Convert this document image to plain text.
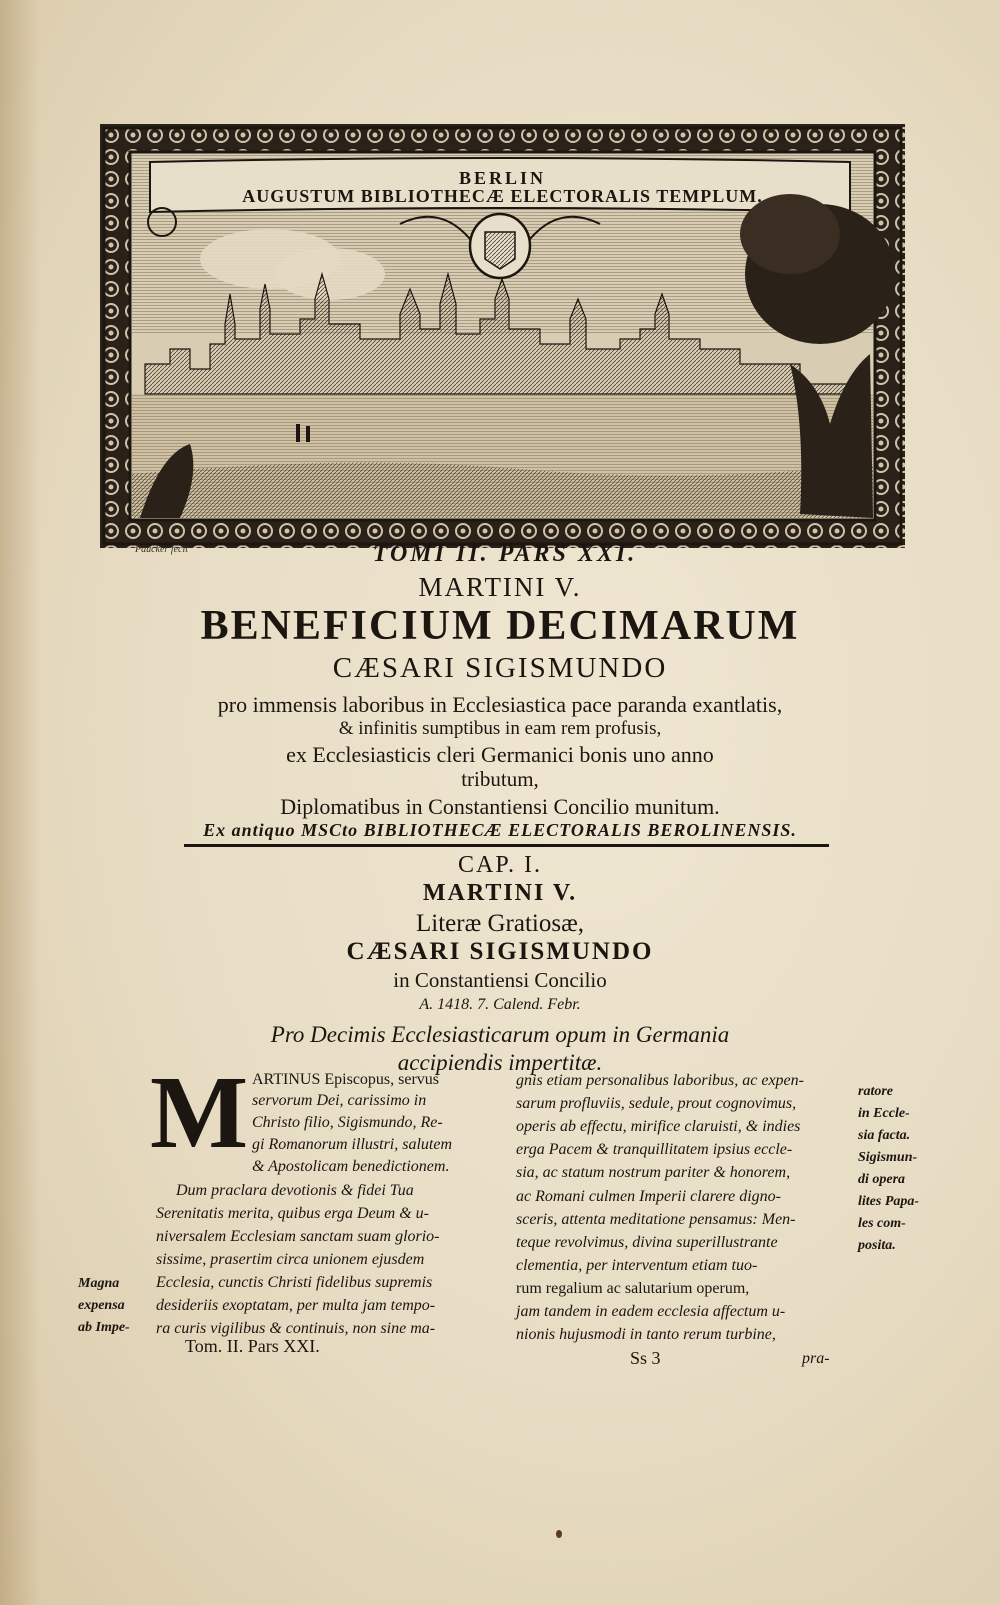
BERLIN
AUGUSTUM BIBLIOTHECÆ ELECTORALIS TEMPLUM.
Paucker fecit	TOMI II. PARS XXI.
MARTINI V.
BENEFICIUM DECIMARUM
CÆSARI SIGISMUNDO
pro immensis laboribus in Ecclesiastica pace paranda exantlatis,
& infinitis sumptibus in eam rem profusis,
ex Ecclesiasticis cleri Germanici bonis uno anno
tributum,
Diplomatibus in Constantiensi Concilio munitum.
Ex antiquo MSCto BIBLIOTHECÆ ELECTORALIS BEROLINENSIS.
CAP. I.
MARTINI V.
Literæ Gratiosæ,
CÆSARI SIGISMUNDO
in Constantiensi Concilio
A. 1418. 7. Calend. Febr.
Pro Decimis Ecclesiasticarum opum in Germania
accipiendis impertitæ.
M ARTINUS Episcopus, servus
servorum Dei, carissimo in
Christo filio, Sigismundo, Re-
gi Romanorum illustri, salutem
& Apostolicam benedictionem.
Dum praclara devotionis & fidei Tua
Serenitatis merita, quibus erga Deum & u-
niversalem Ecclesiam sanctam suam glorio-
sissime, prasertim circa unionem ejusdem
Ecclesia, cunctis Christi fidelibus supremis
desideriis exoptatam, per multa jam tempo-
ra curis vigilibus & continuis, non sine ma-
Magna
expensa
ab Impe-
gnis etiam personalibus laboribus, ac expen-
sarum profluviis, sedule, prout cognovimus,
operis ab effectu, mirifice claruisti, & indies
erga Pacem & tranquillitatem ipsius eccle-
sia, ac statum nostrum pariter & honorem,
ac Romani culmen Imperii clarere digno-
sceris, attenta meditatione pensamus: Men-
teque revolvimus, divina superillustrante
clementia, per interventum etiam tuo-
rum regalium ac salutarium operum,
jam tandem in eadem ecclesia affectum u-
nionis hujusmodi in tanto rerum turbine,
ratore
in Eccle-
sia facta.
Sigismun-
di opera
lites Papa-
les com-
posita.
Tom. II. Pars XXI.
Ss 3	pra-
